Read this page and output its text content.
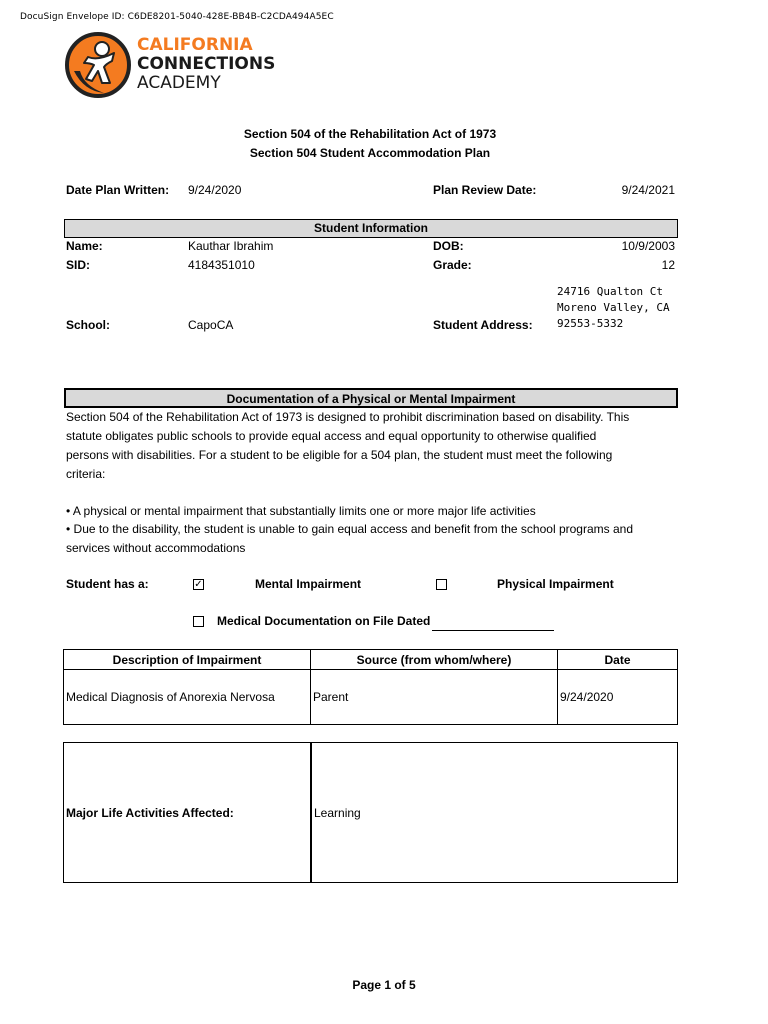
DocuSign Envelope ID: C6DE8201-5040-428E-BB4B-C2CDA494A5EC
CALIFORNIA
CONNECTIONS
ACADEMY
Section 504 of the Rehabilitation Act of 1973
Section 504 Student Accommodation Plan
Date Plan Written: 9/24/2020	Plan Review Date:	9/24/2021
Student Information
Name:	Kauthar Ibrahim	DOB:	10/9/2003
SID:	4184351010	Grade:	12
24716 Qualton Ct
Moreno Valley, CA
92553-5332
School:	CapoCA	Student Address:
Documentation of a Physical or Mental Impairment
Section 504 of the Rehabilitation Act of 1973 is designed to prohibit discrimination based on disability. This
statute obligates public schools to provide equal access and equal opportunity to otherwise qualified
persons with disabilities. For a student to be eligible for a 504 plan, the student must meet the following
criteria:
• A physical or mental impairment that substantially limits one or more major life activities
• Due to the disability, the student is unable to gain equal access and benefit from the school programs and
services without accommodations
Student has a:	✓	Mental Impairment	Physical Impairment
Medical Documentation on File Dated
Description of Impairment	Source (from whom/where)	Date
Medical Diagnosis of Anorexia Nervosa	Parent	9/24/2020
Major Life Activities Affected:	Learning
Page 1 of 5
